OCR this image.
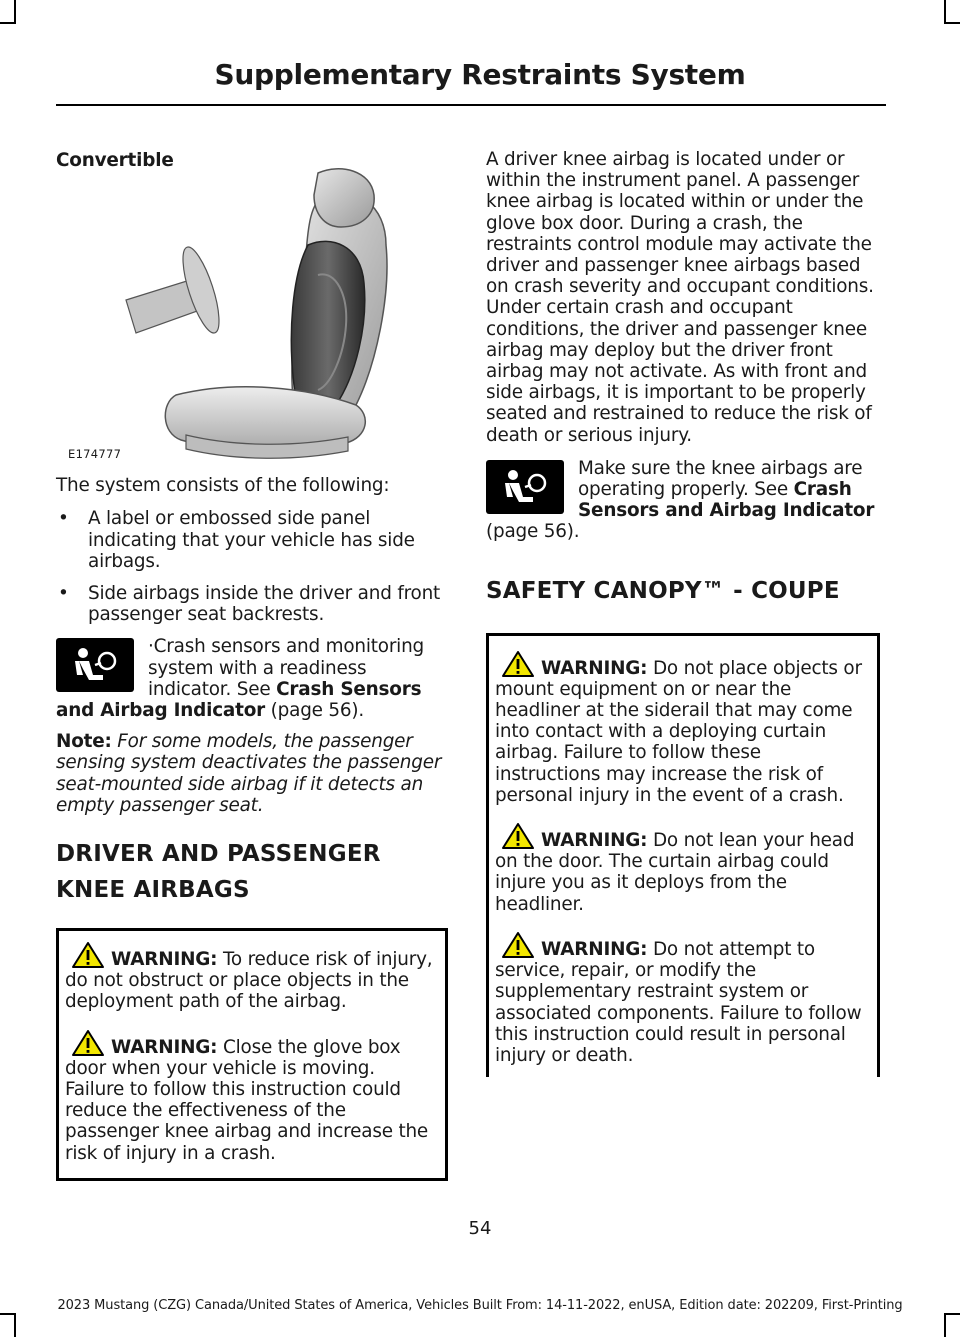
Supplementary Restraints System

Convertible

E174777

The system consists of the following:

• A label or embossed side panel indicating that your vehicle has side airbags.
• Side airbags inside the driver and front passenger seat backrests.

·Crash sensors and monitoring system with a readiness indicator. See Crash Sensors and Airbag Indicator (page 56).

Note: For some models, the passenger sensing system deactivates the passenger seat-mounted side airbag if it detects an empty passenger seat.

DRIVER AND PASSENGER
KNEE AIRBAGS

WARNING: To reduce risk of injury, do not obstruct or place objects in the deployment path of the airbag.

WARNING: Close the glove box door when your vehicle is moving. Failure to follow this instruction could reduce the effectiveness of the passenger knee airbag and increase the risk of injury in a crash.

A driver knee airbag is located under or within the instrument panel. A passenger knee airbag is located within or under the glove box door. During a crash, the restraints control module may activate the driver and passenger knee airbags based on crash severity and occupant conditions. Under certain crash and occupant conditions, the driver and passenger knee airbag may deploy but the driver front airbag may not activate. As with front and side airbags, it is important to be properly seated and restrained to reduce the risk of death or serious injury.

Make sure the knee airbags are operating properly. See Crash Sensors and Airbag Indicator (page 56).

SAFETY CANOPY™ - COUPE

WARNING: Do not place objects or mount equipment on or near the headliner at the siderail that may come into contact with a deploying curtain airbag. Failure to follow these instructions may increase the risk of personal injury in the event of a crash.

WARNING: Do not lean your head on the door. The curtain airbag could injure you as it deploys from the headliner.

WARNING: Do not attempt to service, repair, or modify the supplementary restraint system or associated components. Failure to follow this instruction could result in personal injury or death.

54
2023 Mustang (CZG) Canada/United States of America, Vehicles Built From: 14-11-2022, enUSA, Edition date: 202209, First-Printing
